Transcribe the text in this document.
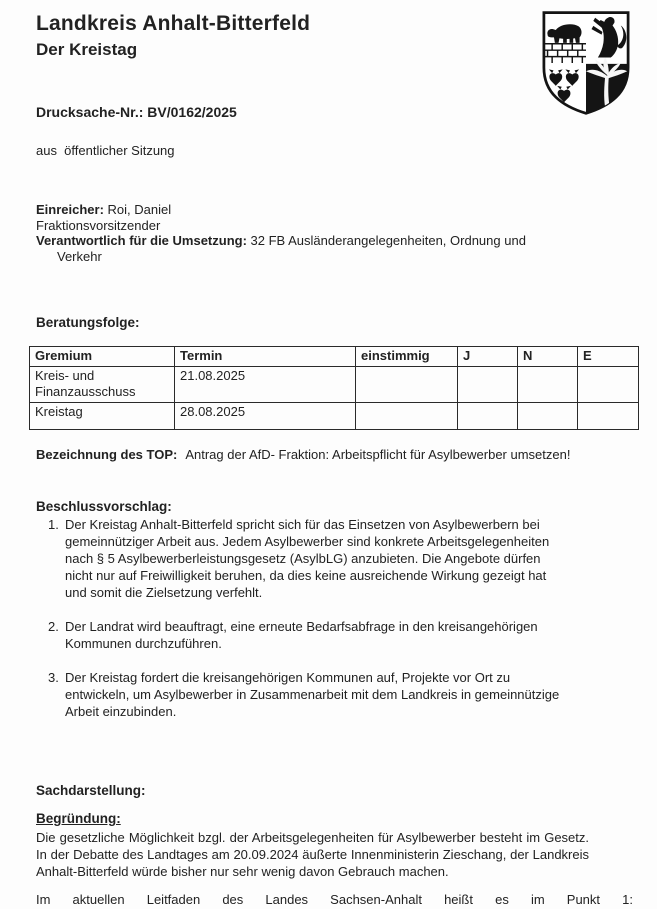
Landkreis Anhalt-Bitterfeld
Der Kreistag
Drucksache-Nr.: BV/0162/2025
aus  öffentlicher Sitzung
Einreicher: Roi, Daniel
Fraktionsvorsitzender
Verantwortlich für die Umsetzung: 32 FB Ausländerangelegenheiten, Ordnung und
Verkehr
Beratungsfolge:
Gremium	Termin	einstimmig	J	N	E
Kreis- und Finanzausschuss	21.08.2025				
Kreistag	28.08.2025				
Bezeichnung des TOP: Antrag der AfD- Fraktion: Arbeitspflicht für Asylbewerber umsetzen!
Beschlussvorschlag:
1. Der Kreistag Anhalt-Bitterfeld spricht sich für das Einsetzen von Asylbewerbern bei gemeinnütziger Arbeit aus. Jedem Asylbewerber sind konkrete Arbeitsgelegenheiten nach § 5 Asylbewerberleistungsgesetz (AsylbLG) anzubieten. Die Angebote dürfen nicht nur auf Freiwilligkeit beruhen, da dies keine ausreichende Wirkung gezeigt hat und somit die Zielsetzung verfehlt.
2. Der Landrat wird beauftragt, eine erneute Bedarfsabfrage in den kreisangehörigen Kommunen durchzuführen.
3. Der Kreistag fordert die kreisangehörigen Kommunen auf, Projekte vor Ort zu entwickeln, um Asylbewerber in Zusammenarbeit mit dem Landkreis in gemeinnützige Arbeit einzubinden.
Sachdarstellung:
Begründung:
Die gesetzliche Möglichkeit bzgl. der Arbeitsgelegenheiten für Asylbewerber besteht im Gesetz. In der Debatte des Landtages am 20.09.2024 äußerte Innenministerin Zieschang, der Landkreis Anhalt-Bitterfeld würde bisher nur sehr wenig davon Gebrauch machen.
Im aktuellen Leitfaden des Landes Sachsen-Anhalt heißt es im Punkt 1:
